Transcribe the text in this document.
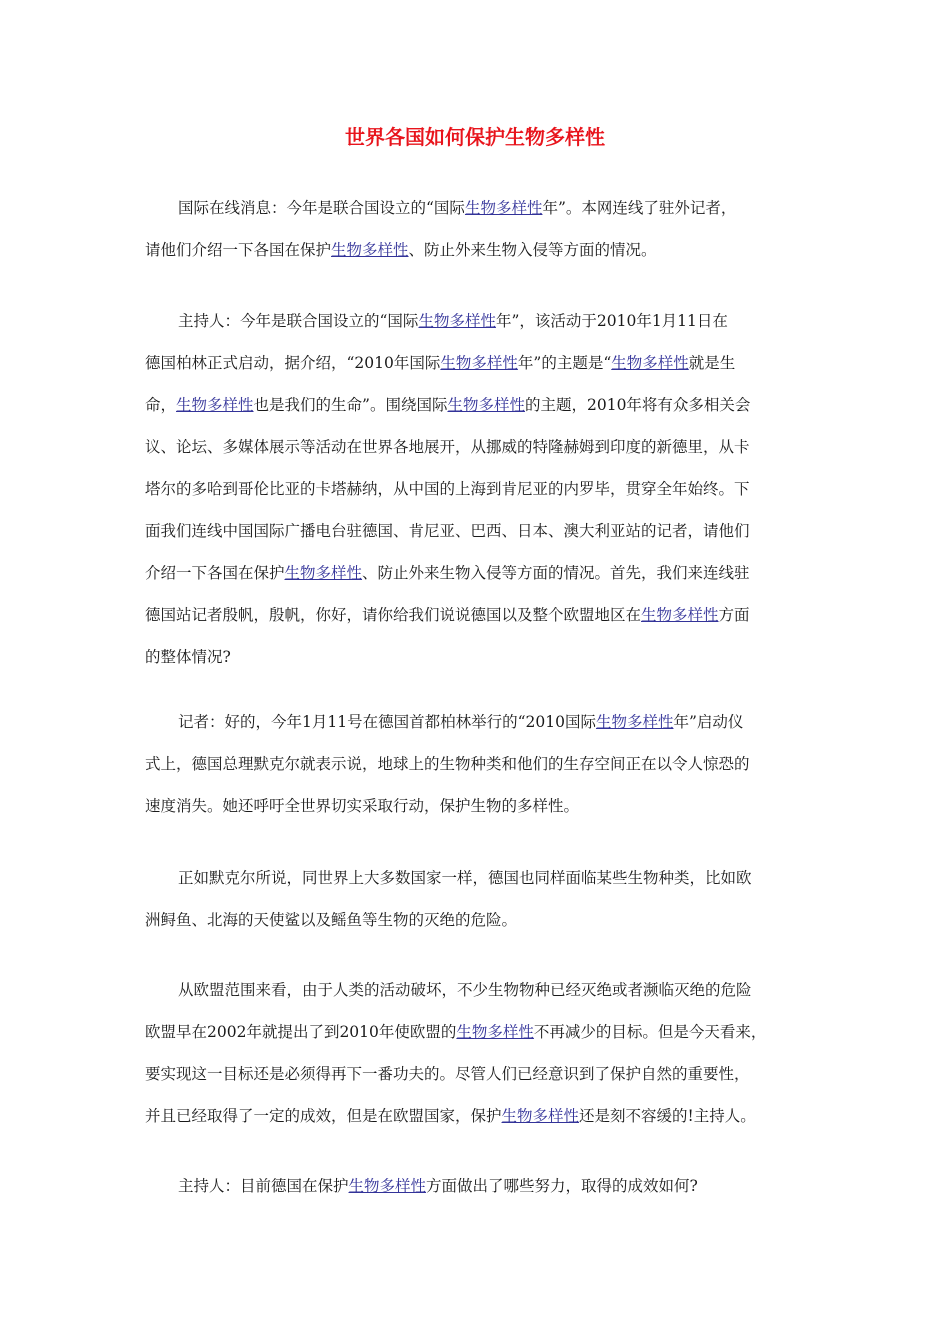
世界各国如何保护生物多样性
国际在线消息：今年是联合国设立的“国际生物多样性年”。本网连线了驻外记者，
请他们介绍一下各国在保护生物多样性、防止外来生物入侵等方面的情况。
主持人：今年是联合国设立的“国际生物多样性年”，该活动于2010年1月11日在
德国柏林正式启动，据介绍，“2010年国际生物多样性年”的主题是“生物多样性就是生
命，生物多样性也是我们的生命”。围绕国际生物多样性的主题，2010年将有众多相关会
议、论坛、多媒体展示等活动在世界各地展开，从挪威的特隆赫姆到印度的新德里，从卡
塔尔的多哈到哥伦比亚的卡塔赫纳，从中国的上海到肯尼亚的内罗毕，贯穿全年始终。下
面我们连线中国国际广播电台驻德国、肯尼亚、巴西、日本、澳大利亚站的记者，请他们
介绍一下各国在保护生物多样性、防止外来生物入侵等方面的情况。首先，我们来连线驻
德国站记者殷帆，殷帆，你好，请你给我们说说德国以及整个欧盟地区在生物多样性方面
的整体情况?
记者：好的，今年1月11号在德国首都柏林举行的“2010国际生物多样性年”启动仪
式上，德国总理默克尔就表示说，地球上的生物种类和他们的生存空间正在以令人惊恐的
速度消失。她还呼吁全世界切实采取行动，保护生物的多样性。
正如默克尔所说，同世界上大多数国家一样，德国也同样面临某些生物种类，比如欧
洲鲟鱼、北海的天使鲨以及鳐鱼等生物的灭绝的危险。
从欧盟范围来看，由于人类的活动破坏，不少生物物种已经灭绝或者濒临灭绝的危险
欧盟早在2002年就提出了到2010年使欧盟的生物多样性不再减少的目标。但是今天看来，
要实现这一目标还是必须得再下一番功夫的。尽管人们已经意识到了保护自然的重要性，
并且已经取得了一定的成效，但是在欧盟国家，保护生物多样性还是刻不容缓的!主持人。
主持人：目前德国在保护生物多样性方面做出了哪些努力，取得的成效如何?
